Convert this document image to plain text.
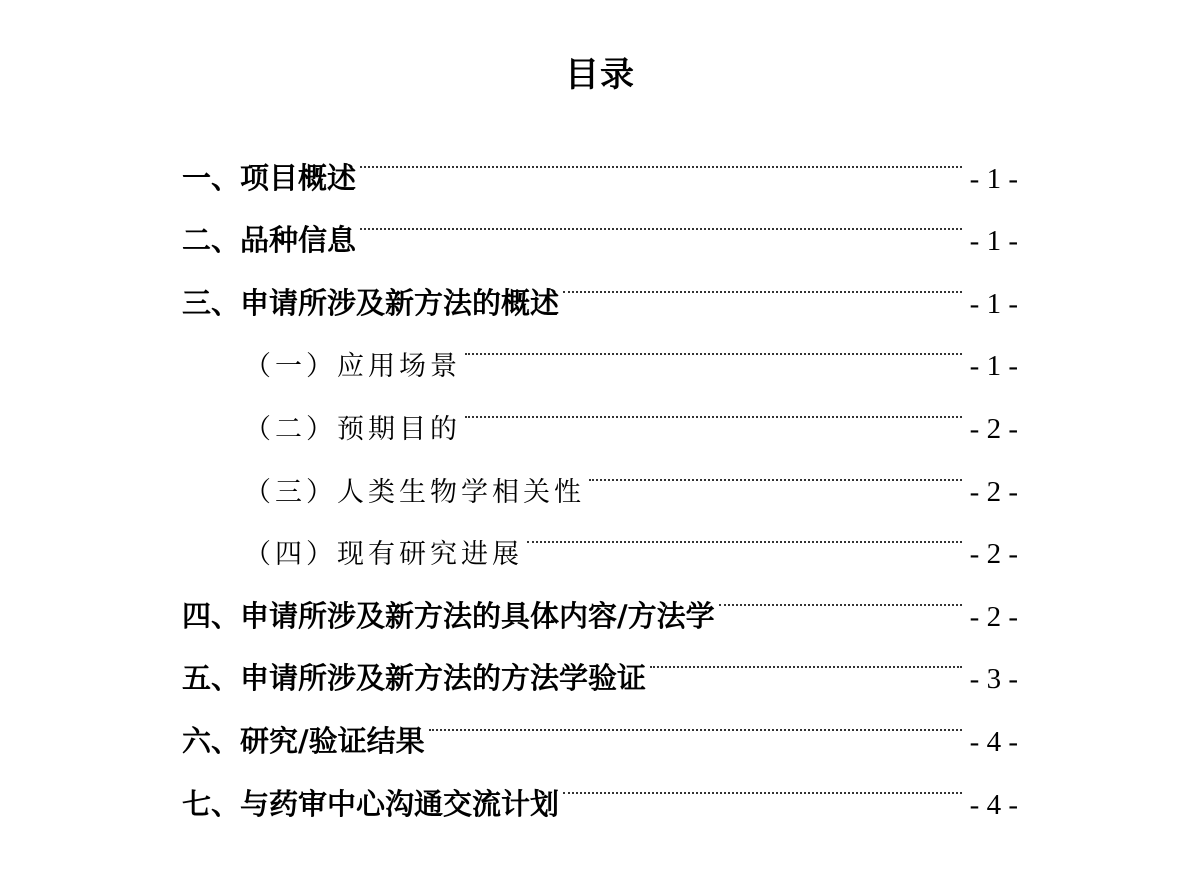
目录
一、项目概述	- 1 -
二、品种信息	- 1 -
三、申请所涉及新方法的概述	- 1 -
（一）应用场景	- 1 -
（二）预期目的	- 2 -
（三）人类生物学相关性	- 2 -
（四）现有研究进展	- 2 -
四、申请所涉及新方法的具体内容/方法学	- 2 -
五、申请所涉及新方法的方法学验证	- 3 -
六、研究/验证结果	- 4 -
七、与药审中心沟通交流计划	- 4 -
